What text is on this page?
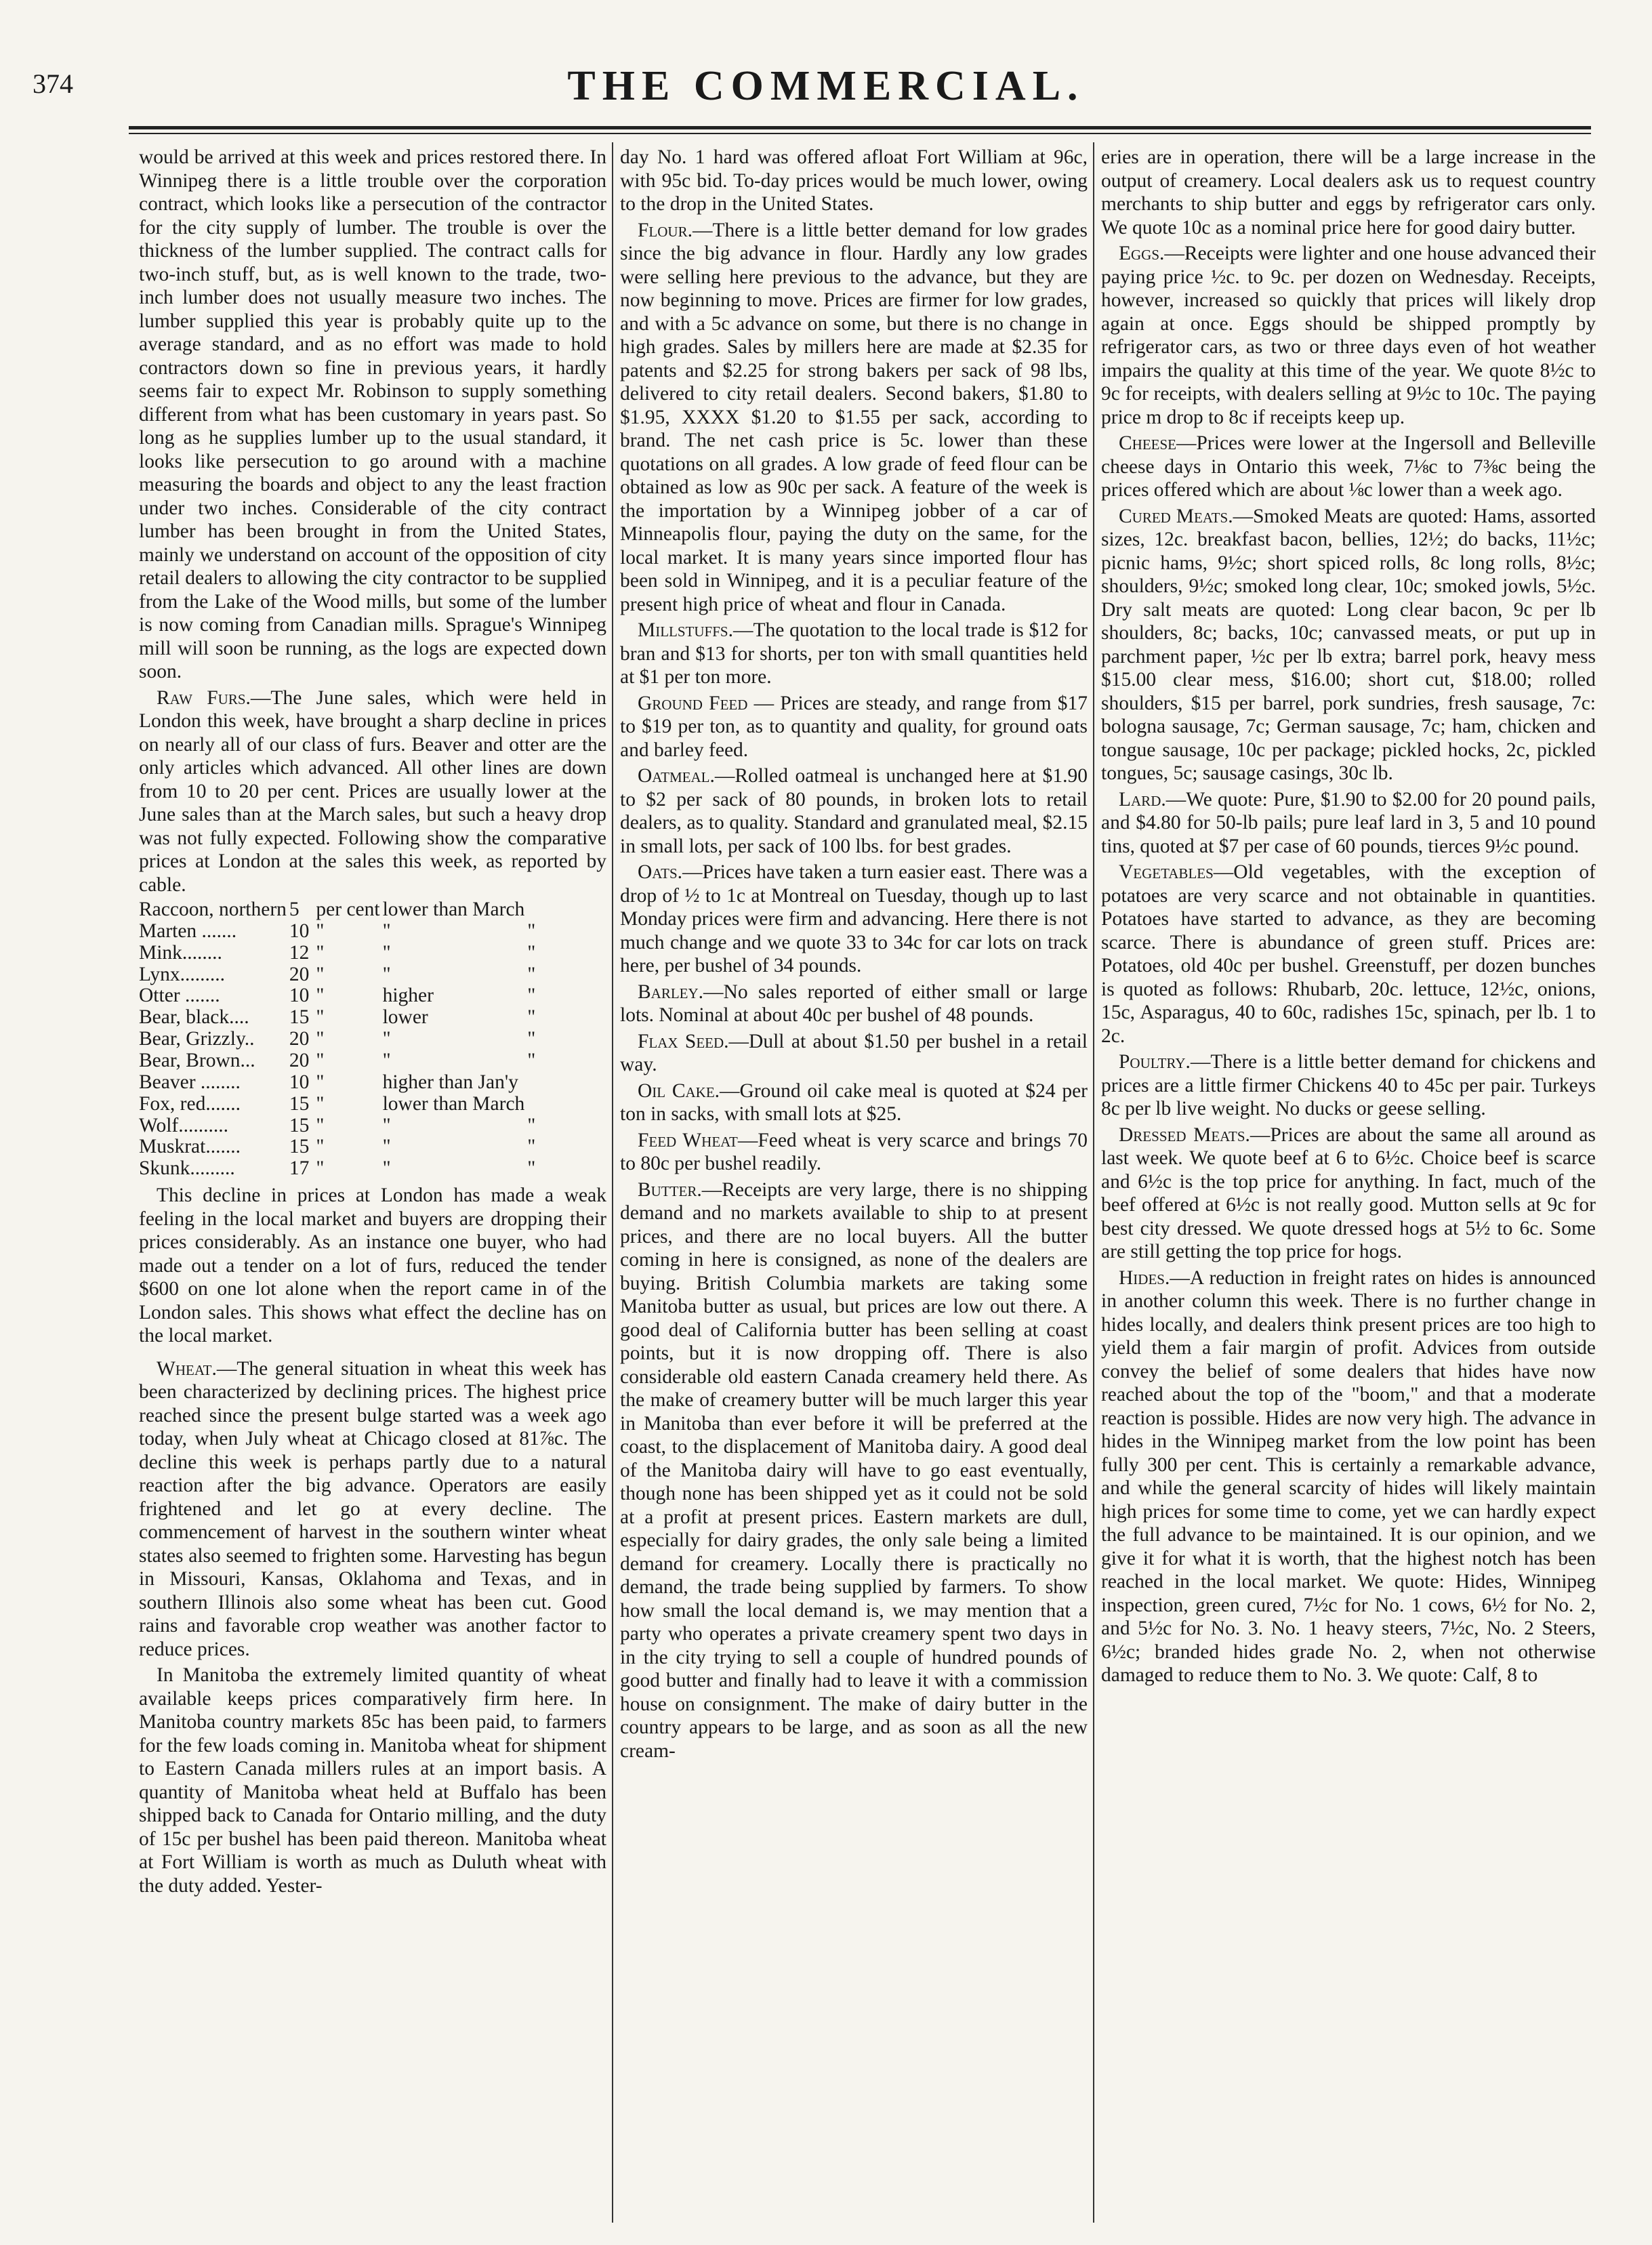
374	THE COMMERCIAL.

would be arrived at this week and prices restored there. In Winnipeg there is a little trouble over the corporation contract, which looks like a persecution of the contractor for the city supply of lumber. The trouble is over the thickness of the lumber supplied. The contract calls for two-inch stuff, but, as is well known to the trade, two-inch lumber does not usually measure two inches. The lumber supplied this year is probably quite up to the average standard, and as no effort was made to hold contractors down so fine in previous years, it hardly seems fair to expect Mr. Robinson to supply something different from what has been customary in years past. So long as he supplies lumber up to the usual standard, it looks like persecution to go around with a machine measuring the boards and object to any the least fraction under two inches. Considerable of the city contract lumber has been brought in from the United States, mainly we understand on account of the opposition of city retail dealers to allowing the city contractor to be supplied from the Lake of the Wood mills, but some of the lumber is now coming from Canadian mills. Sprague's Winnipeg mill will soon be running, as the logs are expected down soon.

Raw Furs.—The June sales, which were held in London this week, have brought a sharp decline in prices on nearly all of our class of furs. Beaver and otter are the only articles which advanced. All other lines are down from 10 to 20 per cent. Prices are usually lower at the June sales than at the March sales, but such a heavy drop was not fully expected. Following show the comparative prices at London at the sales this week, as reported by cable.

Raccoon, northern	5	per cent	lower than March	
Marten .......	10	"	"	"
Mink........	12	"	"	"
Lynx.........	20	"	"	"
Otter .......	10	"	higher	"
Bear, black....	15	"	lower	"
Bear, Grizzly..	20	"	"	"
Bear, Brown...	20	"	"	"
Beaver ........	10	"	higher than Jan'y	
Fox, red.......	15	"	lower than March	
Wolf..........	15	"	"	"
Muskrat.......	15	"	"	"
Skunk.........	17	"	"	"

This decline in prices at London has made a weak feeling in the local market and buyers are dropping their prices considerably. As an instance one buyer, who had made out a tender on a lot of furs, reduced the tender $600 on one lot alone when the report came in of the London sales. This shows what effect the decline has on the local market.

Wheat.—The general situation in wheat this week has been characterized by declining prices. The highest price reached since the present bulge started was a week ago today, when July wheat at Chicago closed at 81⅞c. The decline this week is perhaps partly due to a natural reaction after the big advance. Operators are easily frightened and let go at every decline. The commencement of harvest in the southern winter wheat states also seemed to frighten some. Harvesting has begun in Missouri, Kansas, Oklahoma and Texas, and in southern Illinois also some wheat has been cut. Good rains and favorable crop weather was another factor to reduce prices.

In Manitoba the extremely limited quantity of wheat available keeps prices comparatively firm here. In Manitoba country markets 85c has been paid, to farmers for the few loads coming in. Manitoba wheat for shipment to Eastern Canada millers rules at an import basis. A quantity of Manitoba wheat held at Buffalo has been shipped back to Canada for Ontario milling, and the duty of 15c per bushel has been paid thereon. Manitoba wheat at Fort William is worth as much as Duluth wheat with the duty added. Yester-

day No. 1 hard was offered afloat Fort William at 96c, with 95c bid. To-day prices would be much lower, owing to the drop in the United States.

Flour.—There is a little better demand for low grades since the big advance in flour. Hardly any low grades were selling here previous to the advance, but they are now beginning to move. Prices are firmer for low grades, and with a 5c advance on some, but there is no change in high grades. Sales by millers here are made at $2.35 for patents and $2.25 for strong bakers per sack of 98 lbs, delivered to city retail dealers. Second bakers, $1.80 to $1.95, XXXX $1.20 to $1.55 per sack, according to brand. The net cash price is 5c. lower than these quotations on all grades. A low grade of feed flour can be obtained as low as 90c per sack. A feature of the week is the importation by a Winnipeg jobber of a car of Minneapolis flour, paying the duty on the same, for the local market. It is many years since imported flour has been sold in Winnipeg, and it is a peculiar feature of the present high price of wheat and flour in Canada.

Millstuffs.—The quotation to the local trade is $12 for bran and $13 for shorts, per ton with small quantities held at $1 per ton more.

Ground Feed — Prices are steady, and range from $17 to $19 per ton, as to quantity and quality, for ground oats and barley feed.

Oatmeal.—Rolled oatmeal is unchanged here at $1.90 to $2 per sack of 80 pounds, in broken lots to retail dealers, as to quality. Standard and granulated meal, $2.15 in small lots, per sack of 100 lbs. for best grades.

Oats.—Prices have taken a turn easier east. There was a drop of ½ to 1c at Montreal on Tuesday, though up to last Monday prices were firm and advancing. Here there is not much change and we quote 33 to 34c for car lots on track here, per bushel of 34 pounds.

Barley.—No sales reported of either small or large lots. Nominal at about 40c per bushel of 48 pounds.

Flax Seed.—Dull at about $1.50 per bushel in a retail way.

Oil Cake.—Ground oil cake meal is quoted at $24 per ton in sacks, with small lots at $25.

Feed Wheat—Feed wheat is very scarce and brings 70 to 80c per bushel readily.

Butter.—Receipts are very large, there is no shipping demand and no markets available to ship to at present prices, and there are no local buyers. All the butter coming in here is consigned, as none of the dealers are buying. British Columbia markets are taking some Manitoba butter as usual, but prices are low out there. A good deal of California butter has been selling at coast points, but it is now dropping off. There is also considerable old eastern Canada creamery held there. As the make of creamery butter will be much larger this year in Manitoba than ever before it will be preferred at the coast, to the displacement of Manitoba dairy. A good deal of the Manitoba dairy will have to go east eventually, though none has been shipped yet as it could not be sold at a profit at present prices. Eastern markets are dull, especially for dairy grades, the only sale being a limited demand for creamery. Locally there is practically no demand, the trade being supplied by farmers. To show how small the local demand is, we may mention that a party who operates a private creamery spent two days in in the city trying to sell a couple of hundred pounds of good butter and finally had to leave it with a commission house on consignment. The make of dairy butter in the country appears to be large, and as soon as all the new cream-

eries are in operation, there will be a large increase in the output of creamery. Local dealers ask us to request country merchants to ship butter and eggs by refrigerator cars only. We quote 10c as a nominal price here for good dairy butter.

Eggs.—Receipts were lighter and one house advanced their paying price ½c. to 9c. per dozen on Wednesday. Receipts, however, increased so quickly that prices will likely drop again at once. Eggs should be shipped promptly by refrigerator cars, as two or three days even of hot weather impairs the quality at this time of the year. We quote 8½c to 9c for receipts, with dealers selling at 9½c to 10c. The paying price m drop to 8c if receipts keep up.

Cheese—Prices were lower at the Ingersoll and Belleville cheese days in Ontario this week, 7⅛c to 7⅜c being the prices offered which are about ⅛c lower than a week ago.

Cured Meats.—Smoked Meats are quoted: Hams, assorted sizes, 12c. breakfast bacon, bellies, 12½; do backs, 11½c; picnic hams, 9½c; short spiced rolls, 8c long rolls, 8½c; shoulders, 9½c; smoked long clear, 10c; smoked jowls, 5½c. Dry salt meats are quoted: Long clear bacon, 9c per lb shoulders, 8c; backs, 10c; canvassed meats, or put up in parchment paper, ½c per lb extra; barrel pork, heavy mess $15.00 clear mess, $16.00; short cut, $18.00; rolled shoulders, $15 per barrel, pork sundries, fresh sausage, 7c: bologna sausage, 7c; German sausage, 7c; ham, chicken and tongue sausage, 10c per package; pickled hocks, 2c, pickled tongues, 5c; sausage casings, 30c lb.

Lard.—We quote: Pure, $1.90 to $2.00 for 20 pound pails, and $4.80 for 50-lb pails; pure leaf lard in 3, 5 and 10 pound tins, quoted at $7 per case of 60 pounds, tierces 9½c pound.

Vegetables—Old vegetables, with the exception of potatoes are very scarce and not obtainable in quantities. Potatoes have started to advance, as they are becoming scarce. There is abundance of green stuff. Prices are: Potatoes, old 40c per bushel. Greenstuff, per dozen bunches is quoted as follows: Rhubarb, 20c. lettuce, 12½c, onions, 15c, Asparagus, 40 to 60c, radishes 15c, spinach, per lb. 1 to 2c.

Poultry.—There is a little better demand for chickens and prices are a little firmer Chickens 40 to 45c per pair. Turkeys 8c per lb live weight. No ducks or geese selling.

Dressed Meats.—Prices are about the same all around as last week. We quote beef at 6 to 6½c. Choice beef is scarce and 6½c is the top price for anything. In fact, much of the beef offered at 6½c is not really good. Mutton sells at 9c for best city dressed. We quote dressed hogs at 5½ to 6c. Some are still getting the top price for hogs.

Hides.—A reduction in freight rates on hides is announced in another column this week. There is no further change in hides locally, and dealers think present prices are too high to yield them a fair margin of profit. Advices from outside convey the belief of some dealers that hides have now reached about the top of the "boom," and that a moderate reaction is possible. Hides are now very high. The advance in hides in the Winnipeg market from the low point has been fully 300 per cent. This is certainly a remarkable advance, and while the general scarcity of hides will likely maintain high prices for some time to come, yet we can hardly expect the full advance to be maintained. It is our opinion, and we give it for what it is worth, that the highest notch has been reached in the local market. We quote: Hides, Winnipeg inspection, green cured, 7½c for No. 1 cows, 6½ for No. 2, and 5½c for No. 3. No. 1 heavy steers, 7½c, No. 2 Steers, 6½c; branded hides grade No. 2, when not otherwise damaged to reduce them to No. 3. We quote: Calf, 8 to
